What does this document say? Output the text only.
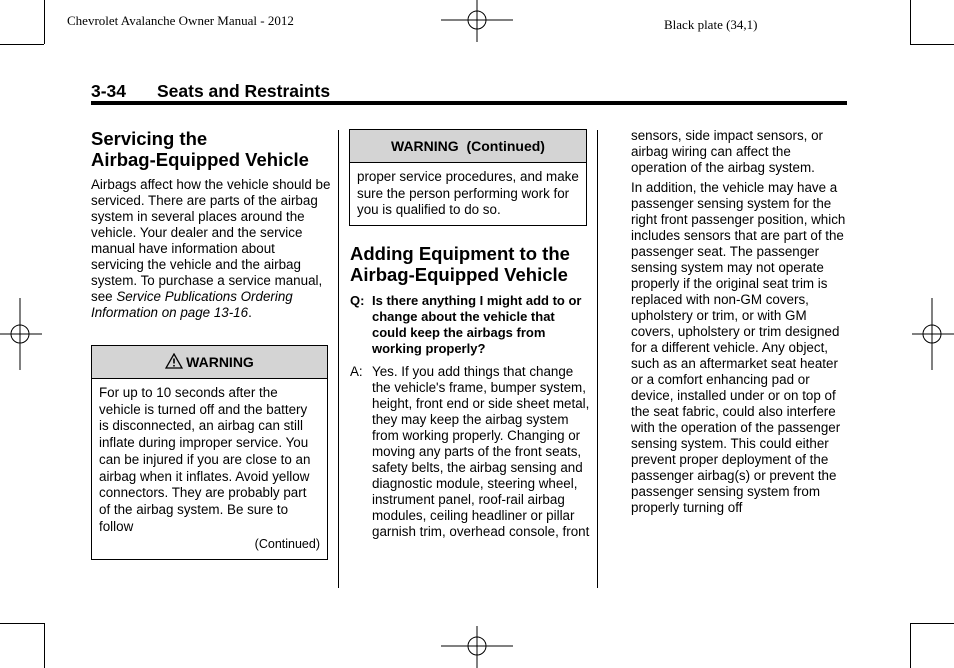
Chevrolet Avalanche Owner Manual - 2012	Black plate (34,1)
3-34 Seats and Restraints
Servicing the
Airbag-Equipped Vehicle

Airbags affect how the vehicle should be serviced. There are parts of the airbag system in several places around the vehicle. Your dealer and the service manual have information about servicing the vehicle and the airbag system. To purchase a service manual, see Service Publications Ordering Information on page 13-16.

WARNING
For up to 10 seconds after the vehicle is turned off and the battery is disconnected, an airbag can still inflate during improper service. You can be injured if you are close to an airbag when it inflates. Avoid yellow connectors. They are probably part of the airbag system. Be sure to follow
(Continued)
WARNING  (Continued)
proper service procedures, and make sure the person performing work for you is qualified to do so.
Adding Equipment to the
Airbag-Equipped Vehicle
Q: Is there anything I might add to or change about the vehicle that could keep the airbags from working properly?
A: Yes. If you add things that change the vehicle's frame, bumper system, height, front end or side sheet metal, they may keep the airbag system from working properly. Changing or moving any parts of the front seats, safety belts, the airbag sensing and diagnostic module, steering wheel, instrument panel, roof-rail airbag modules, ceiling headliner or pillar garnish trim, overhead console, front

sensors, side impact sensors, or airbag wiring can affect the operation of the airbag system.

In addition, the vehicle may have a passenger sensing system for the right front passenger position, which includes sensors that are part of the passenger seat. The passenger sensing system may not operate properly if the original seat trim is replaced with non-GM covers, upholstery or trim, or with GM covers, upholstery or trim designed for a different vehicle. Any object, such as an aftermarket seat heater or a comfort enhancing pad or device, installed under or on top of the seat fabric, could also interfere with the operation of the passenger sensing system. This could either prevent proper deployment of the passenger airbag(s) or prevent the passenger sensing system from properly turning off
